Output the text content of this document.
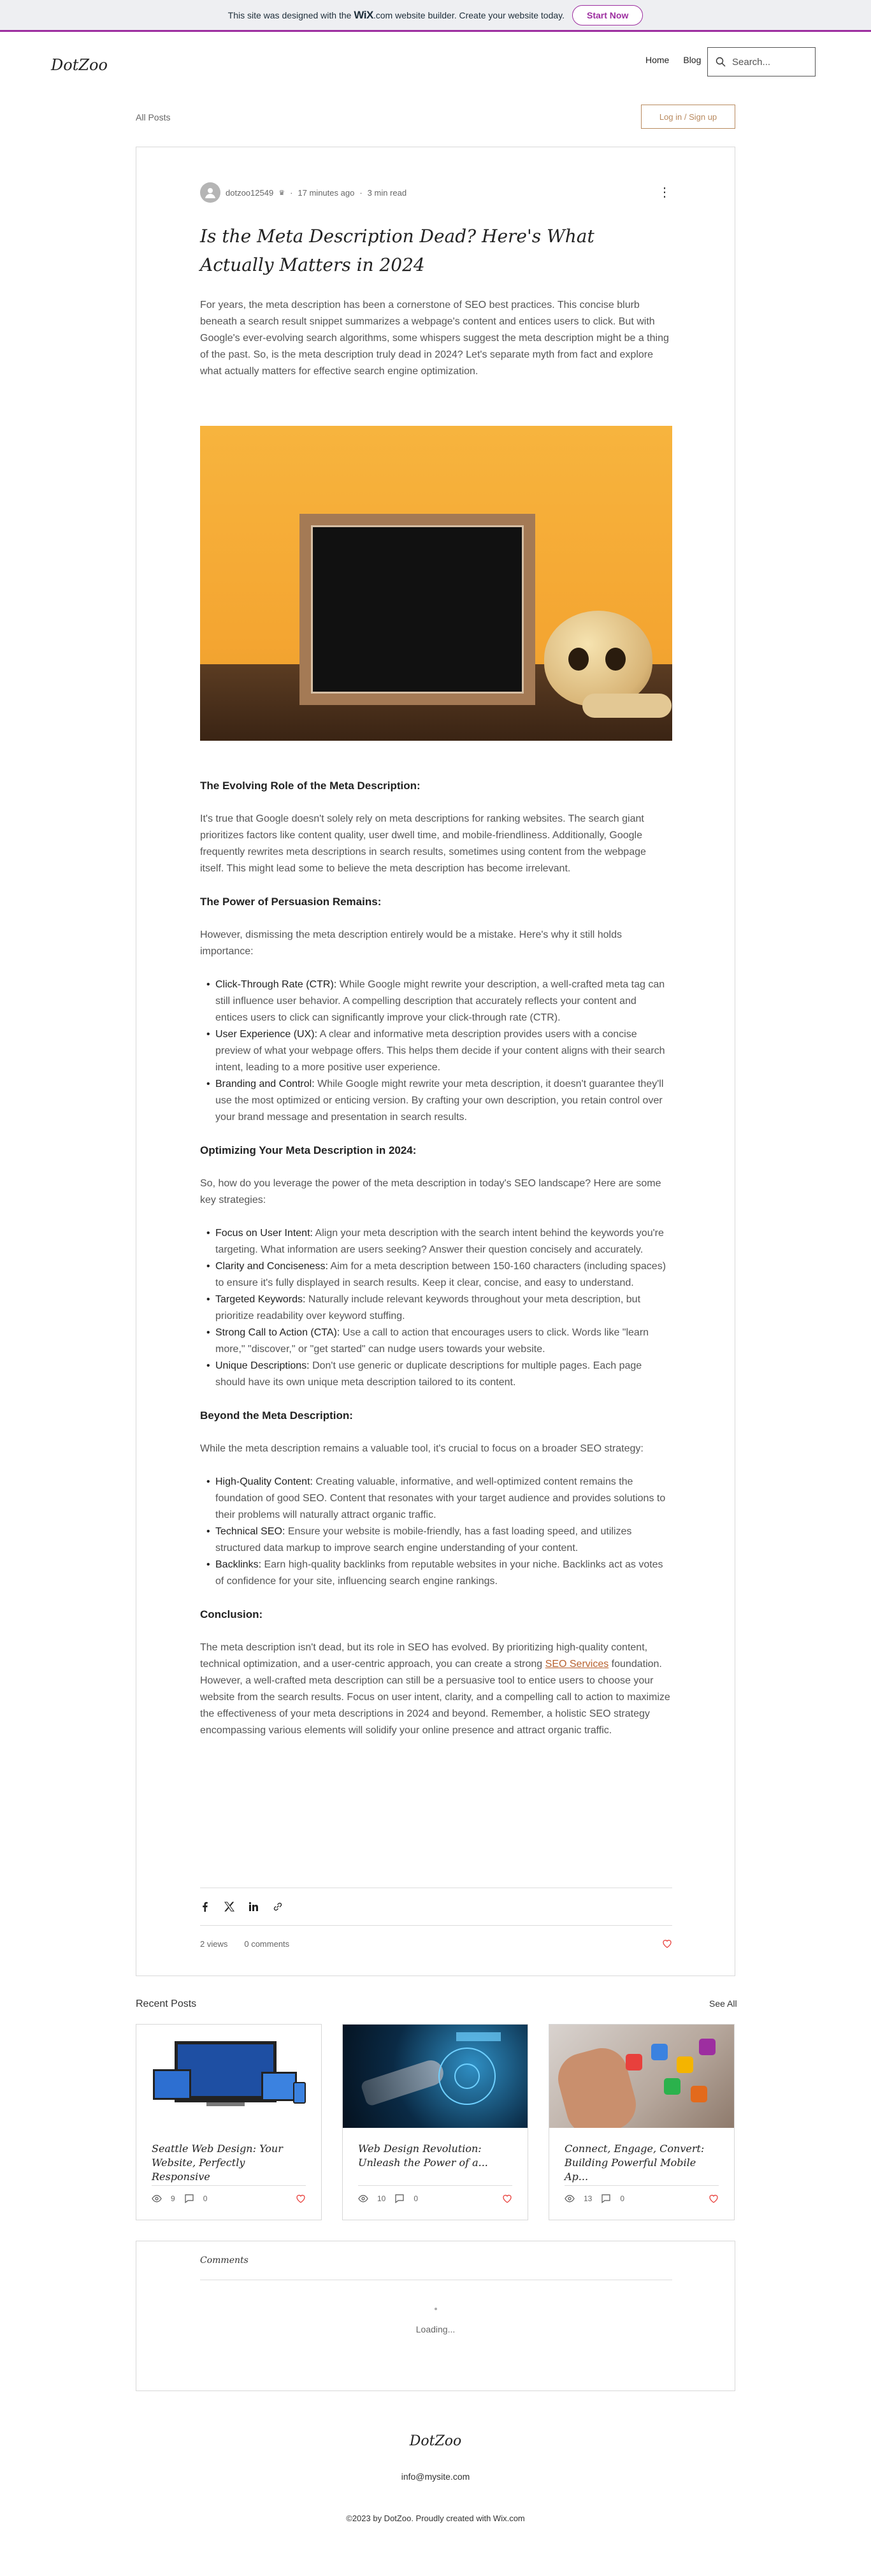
This site was designed with the WiX .com website builder. Create your website today.	Start Now
DotZoo	Home Blog	Search...
All Posts	Log in / Sign up
dotzoo12549 ♛ · 17 minutes ago · 3 min read	⋮
Is the Meta Description Dead? Here's What Actually Matters in 2024

For years, the meta description has been a cornerstone of SEO best practices. This concise blurb beneath a search result snippet summarizes a webpage's content and entices users to click. But with Google's ever-evolving search algorithms, some whispers suggest the meta description might be a thing of the past. So, is the meta description truly dead in 2024? Let's separate myth from fact and explore what actually matters for effective search engine optimization.

The Evolving Role of the Meta Description:

It's true that Google doesn't solely rely on meta descriptions for ranking websites. The search giant prioritizes factors like content quality, user dwell time, and mobile-friendliness. Additionally, Google frequently rewrites meta descriptions in search results, sometimes using content from the webpage itself. This might lead some to believe the meta description has become irrelevant.

The Power of Persuasion Remains:

However, dismissing the meta description entirely would be a mistake. Here's why it still holds importance:

• Click-Through Rate (CTR): While Google might rewrite your description, a well-crafted meta tag can still influence user behavior. A compelling description that accurately reflects your content and entices users to click can significantly improve your click-through rate (CTR).
• User Experience (UX): A clear and informative meta description provides users with a concise preview of what your webpage offers. This helps them decide if your content aligns with their search intent, leading to a more positive user experience.
• Branding and Control: While Google might rewrite your meta description, it doesn't guarantee they'll use the most optimized or enticing version. By crafting your own description, you retain control over your brand message and presentation in search results.
Optimizing Your Meta Description in 2024:

So, how do you leverage the power of the meta description in today's SEO landscape? Here are some key strategies:

• Focus on User Intent: Align your meta description with the search intent behind the keywords you're targeting. What information are users seeking? Answer their question concisely and accurately.
• Clarity and Conciseness: Aim for a meta description between 150-160 characters (including spaces) to ensure it's fully displayed in search results. Keep it clear, concise, and easy to understand.
• Targeted Keywords: Naturally include relevant keywords throughout your meta description, but prioritize readability over keyword stuffing.
• Strong Call to Action (CTA): Use a call to action that encourages users to click. Words like "learn more," "discover," or "get started" can nudge users towards your website.
• Unique Descriptions: Don't use generic or duplicate descriptions for multiple pages. Each page should have its own unique meta description tailored to its content.
Beyond the Meta Description:

While the meta description remains a valuable tool, it's crucial to focus on a broader SEO strategy:

• High-Quality Content: Creating valuable, informative, and well-optimized content remains the foundation of good SEO. Content that resonates with your target audience and provides solutions to their problems will naturally attract organic traffic.
• Technical SEO: Ensure your website is mobile-friendly, has a fast loading speed, and utilizes structured data markup to improve search engine understanding of your content.
• Backlinks: Earn high-quality backlinks from reputable websites in your niche. Backlinks act as votes of confidence for your site, influencing search engine rankings.
Conclusion:

The meta description isn't dead, but its role in SEO has evolved. By prioritizing high-quality content, technical optimization, and a user-centric approach, you can create a strong SEO Services foundation. However, a well-crafted meta description can still be a persuasive tool to entice users to choose your website from the search results. Focus on user intent, clarity, and a compelling call to action to maximize the effectiveness of your meta descriptions in 2024 and beyond. Remember, a holistic SEO strategy encompassing various elements will solidify your online presence and attract organic traffic.

2 views 0 comments
Recent Posts	See All
Seattle Web Design: Your Website, Perfectly Responsive
9	0
Web Design Revolution: Unleash the Power of a...
10	0
Connect, Engage, Convert: Building Powerful Mobile Ap...
13	0
Comments
Loading...
DotZoo
info@mysite.com
©2023 by DotZoo. Proudly created with Wix.com
